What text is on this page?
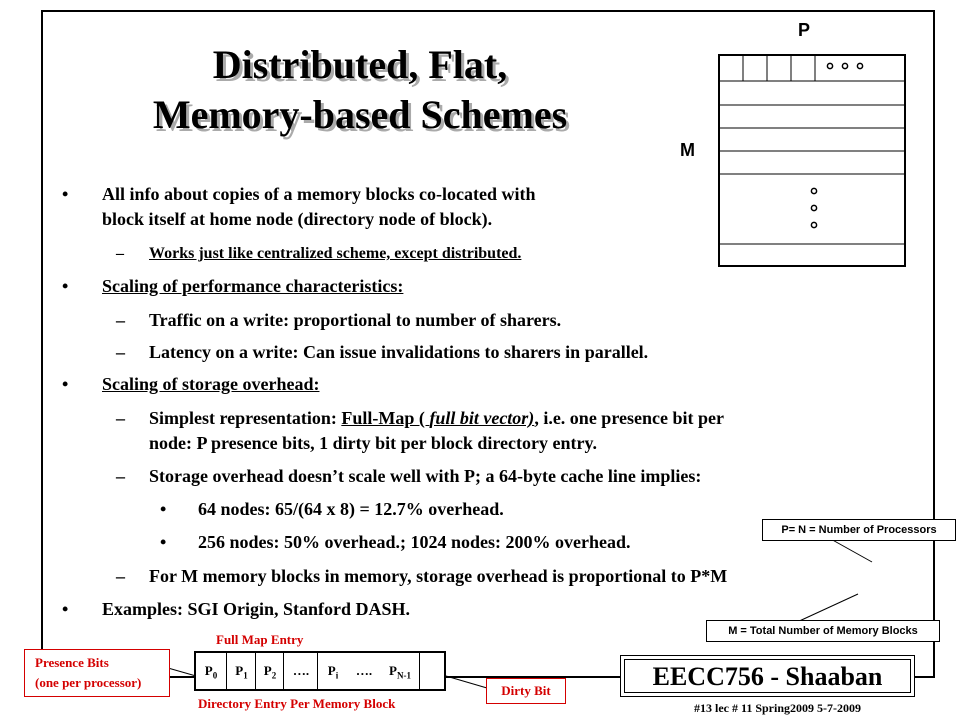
Distributed, Flat,
Memory-based Schemes
P
M
• All info about copies of a memory blocks co-located with
block itself at home node (directory node of block).
– Works just like centralized scheme, except distributed.
• Scaling of performance characteristics:
– Traffic on a write: proportional to number of sharers.
– Latency on a write: Can issue invalidations to sharers in parallel.
• Scaling of storage overhead:
– Simplest representation: Full-Map ( full bit vector), i.e. one presence bit per
node: P presence bits, 1 dirty bit per block directory entry.
– Storage overhead doesn’t scale well with P; a 64-byte cache line implies:
• 64 nodes: 65/(64 x 8) = 12.7% overhead.
• 256 nodes: 50% overhead.; 1024 nodes: 200% overhead.
– For M memory blocks in memory, storage overhead is proportional to P*M
• Examples: SGI Origin, Stanford DASH.
P= N = Number of Processors
M = Total Number of Memory Blocks
Full Map Entry
Directory Entry Per Memory Block
Presence Bits
(one per processor)
Dirty Bit
$P_0$	$P_1$	$P_2$	….	$P_i$	….	$P_{N-1}$	EECC756 - Shaaban
#13 lec # 11 Spring2009 5-7-2009
